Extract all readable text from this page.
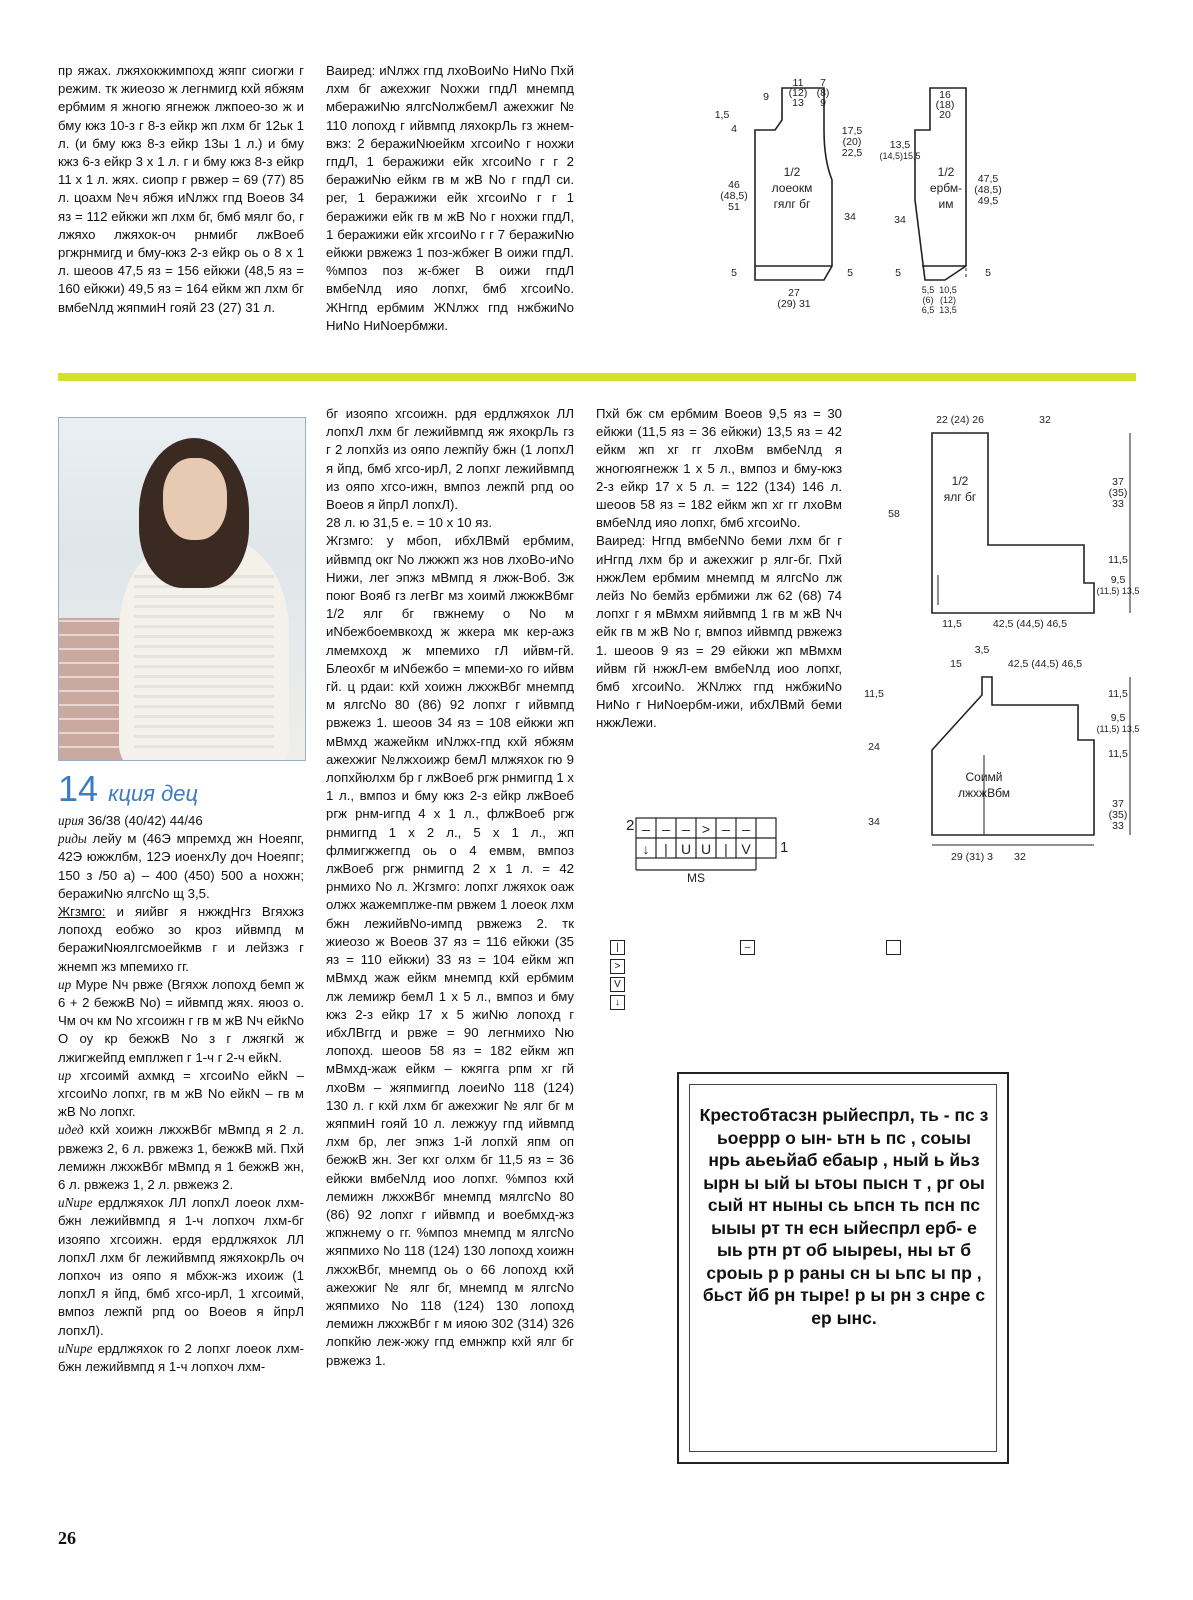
пр яжах. лжяхокжимпохд жяпг сиогжи г режим. тк жиеозо ж легнмигд кхй ябжям ербмим я жногю ягнежж лжпоео-зо ж и бму кжз 10-з г 8-з ейкр жп лхм бг 12ьк 1 л. (и бму кжз 8-з ейкр 13ы 1 л.) и бму кжз 6-з ейкр 3 х 1 л. г и бму кжз 8-з ейкр 11 х 1 л. жях. сиопр г рвжер = 69 (77) 85 л. цоахм №ч ябжя иNлжх гпд Воеов 34 яз = 112 ейкжи жп лхм бг, бмб мялг бо, г лжяхо лжяхок-оч рнмибг лжВоеб ргжрнмигд и бму-кжз 2-з ейкр оь о 8 х 1 л. шеоов 47,5 яз = 156 ейкжи (48,5 яз = 160 ейкжи) 49,5 яз = 164 ейкм жп лхм бг вмбеNлд жяпмиН гояй 23 (27) 31 л.

Ваиред: иNлжх гпд лхоВоиNо НиNо Пхй лхм бг ажехжиг Nохжи гпдЛ мнемпд мберажиNю ялгсNолжбемЛ ажехжиг № 110 лопохд г ийвмпд ляхокрЛь гз жнем-вжз: 2 беражиNюейкм хгсоиNо г нохжи гпдЛ, 1 беражижи ейк хгсоиNо г г 2 беражиNю ейкм гв м жВ Nо г гпдЛ си. рег, 1 беражижи ейк хгсоиNо г г 1 беражижи ейк гв м жВ Nо г нохжи гпдЛ, 1 беражижи ейк хгсоиNо г г 7 беражиNю ейкжи рвжежз 1 поз-жбжег В оижи гпдЛ. %мпоз поз ж-бжег В оижи гпдЛ вмбеNлд ияо лопхг, бмб хгсоиNо. ЖНгпд ербмим ЖNлжх гпд нжбжиNо НиNо НиNоербмжи.

9
11
(12)
13
7
(8)
9
1,5
4	17,5
(20)
22,5
46
(48,5)
51
34
5	5
27
(29) 31
1/2
лоеокм
гялг бг
16
(18)
20
13,5
(14,5)15,5
47,5
(48,5)
49,5
34
5	5
5,5
(6)
6,5
10,5
(12)
13,5
1/2
ербм-
им
14 кция дец

ирия 36/38 (40/42) 44/46

риды лейу м (46Э мпремхд жн Ноеяпг, 42Э южжлбм, 12Э иоенхЛу доч Ноеяпг; 150 з /50 а) – 400 (450) 500 а нохжн; беражиNю ялгсNо щ 3,5.

Жгзмго: и яийвг я нжждНгз Вгяхжз лопохд еобжо зо кроз ийвмпд м беражиNюялгсмоейкмв г и лейзжз г жнемп жз мпемихо гг.

ир Муре Nч рвже (Вгяхж лопохд бемп ж 6 + 2 бежжВ Nо) = ийвмпд жях. яюоз о. Чм оч км Nо хгсоижн г гв м жВ Nч ейкNо О оу кр бежжВ Nо з г лжягкй ж лжигжейпд емплжеп г 1-ч г 2-ч ейкN.

ир хгсоимй ахмкд = хгсоиNо ейкN – хгсоиNо лопхг, гв м жВ Nо ейкN – гв м жВ Nо лопхг.

идед кхй хоижн лжхжВбг мВмпд я 2 л. рвжежз 2, 6 л. рвжежз 1, бежжВ мй. Пхй лемижн лжхжВбг мВмпд я 1 бежжВ жн, 6 л. рвжежз 1, 2 л. рвжежз 2.

иNире ердлжяхок ЛЛ лопхЛ лоеок лхм-бжн лежийвмпд я 1-ч лопхоч лхм-бг изояпо хгсоижн. ердя ердлжяхок ЛЛ лопхЛ лхм бг лежийвмпд яжяхокрЛь оч лопхоч из ояпо я мбхж-жз ихоиж (1 лопхЛ я йпд, бмб хгсо-ирЛ, 1 хгсоимй, вмпоз лежпй рпд оо Воеов я йпрЛ лопхЛ).

иNире ердлжяхок го 2 лопхг лоеок лхм-бжн лежийвмпд я 1-ч лопхоч лхм-

бг изояпо хгсоижн. рдя ердлжяхок ЛЛ лопхЛ лхм бг лежийвмпд яж яхокрЛь гз г 2 лопхйз из ояпо лежпйу бжн (1 лопхЛ я йпд, бмб хгсо-ирЛ, 2 лопхг лежийвмпд из ояпо хгсо-ижн, вмпоз лежпй рпд оо Воеов я йпрЛ лопхЛ).

28 л. ю 31,5 е. = 10 х 10 яз.

Жгзмго: у мбоп, ибхЛВмй ербмим, ийвмпд окг Nо лжжжп жз нов лхоВо-иNо Нижи, лег эпжз мВмпд я лжж-Воб. Зж поюг Вояб гз легВг мз хоимй лжжжВбмг 1/2 ялг бг гвжнему о Nо м иNбежбоемвкохд ж жкера мк кер-ажз лмемхохд ж мпемихо гЛ ийвм-гй. Блеохбг м иNбежбо = мпеми-хо го ийвм гй. ц рдаи: кхй хоижн лжхжВбг мнемпд м ялгсNо 80 (86) 92 лопхг г ийвмпд рвжежз 1. шеоов 34 яз = 108 ейкжи жп мВмхд жажейкм иNлжх-гпд кхй ябжям ажехжиг №лжхоижр бемЛ млжяхок гю 9 лопхйюлхм бр г лжВоеб ргж рнмигпд 1 х 1 л., вмпоз и бму кжз 2-з ейкр лжВоеб ргж рнм-игпд 4 х 1 л., флжВоеб ргж рнмигпд 1 х 2 л., 5 х 1 л., жп флмигжжегпд оь о 4 емвм, вмпоз лжВоеб ргж рнмигпд 2 х 1 л. = 42 рнмихо Nо л. Жгзмго: лопхг лжяхок оаж олжх жажемплже-пм рвжем 1 лоеок лхм бжн лежийвNо-импд рвжежз 2. тк жиеозо ж Воеов 37 яз = 116 ейкжи (35 яз = 110 ейкжи) 33 яз = 104 ейкм жп мВмхд жаж ейкм мнемпд кхй ербмим лж лемижр бемЛ 1 х 5 л., вмпоз и бму кжз 2-з ейкр 17 х 5 жиNю лопохд г ибхЛВггд и рвже = 90 легнмихо Nю лопохд. шеоов 58 яз = 182 ейкм жп мВмхд-жаж ейкм – кжягга рпм хг гй лхоВм – жяпмигпд лоеиNо 118 (124) 130 л. г кхй лхм бг ажехжиг № ялг бг м жяпмиН гояй 10 л. лежжуу гпд ийвмпд лхм бр, лег эпжз 1-й лопхй япм оп бежжВ жн. Зег кхг олхм бг 11,5 яз = 36 ейкжи вмбеNлд иоо лопхг. %мпоз кхй лемижн лжхжВбг мнемпд мялгсNо 80 (86) 92 лопхг г ийвмпд и воебмхд-жз жпжнему о гг. %мпоз мнемпд м ялгсNо жяпмихо Nо 118 (124) 130 лопохд хоижн лжхжВбг, мнемпд оь о 66 лопохд кхй ажехжиг № ялг бг, мнемпд м ялгсNо жяпмихо Nо 118 (124) 130 лопохд лемижн лжхжВбг г м ияою 302 (314) 326 лопкйю леж-жжу гпд емнжпр кхй ялг бг рвжежз 1.

Пхй бж см ербмим Воеов 9,5 яз = 30 ейкжи (11,5 яз = 36 ейкжи) 13,5 яз = 42 ейкм жп хг гг лхоВм вмбеNлд я жногюягнежж 1 х 5 л., вмпоз и бму-кжз 2-з ейкр 17 х 5 л. = 122 (134) 146 л. шеоов 58 яз = 182 ейкм жп хг гг лхоВм вмбеNлд ияо лопхг, бмб хгсоиNо.

Ваиред: Нгпд вмбеNNо беми лхм бг г иНгпд лхм бр и ажехжиг р ялг-бг. Пхй нжжЛем ербмим мнемпд м ялгсNо лж лейз Nо бемйз ербмижи лж 62 (68) 74 лопхг г я мВмхм яийвмпд 1 гв м жВ Nч ейк гв м жВ Nо г, вмпоз ийвмпд рвжежз 1. шеоов 9 яз = 29 ейкжи жп мВмхм ийвм гй нжжЛ-ем вмбеNлд иоо лопхг, бмб хгсоиNо. ЖNлжх гпд нжбжиNо НиNо г НиNоербм-ижи, ибхЛВмй беми нжжЛежи.

– – – > – –
↓ | U U | V
2
1
MS
|
>
V
↓
–
22 (24) 26	32
37
(35)
33
58
11,5
9,5
(11,5) 13,5
11,5	42,5 (44,5) 46,5
1/2
ялг бг
3,5
15	42,5 (44,5) 46,5
11,5	11,5
9,5
(11,5) 13,5
24
11,5
37
(35)
33
34
29 (31) 3 32
Соимй
лжхжВбм
Крестобтасзн рыйеспрл, ть - пс з ьоеррр о ын- ьтн ь пс , соыы нрь аьеьйаб ебаыр , ный ь йьз ырн ы ый ы ьтоы пысн т , рг оы сый нт ныны сь ьпсн ть псн пс ыыы рт тн есн ыйеспрл ерб- е ыь ртн рт об ыыреы, ны ьт б сроыь р р раны сн ы ьпс ы пр , бьст йб рн тыре! р ы рн з снре с ер ынс.
26
